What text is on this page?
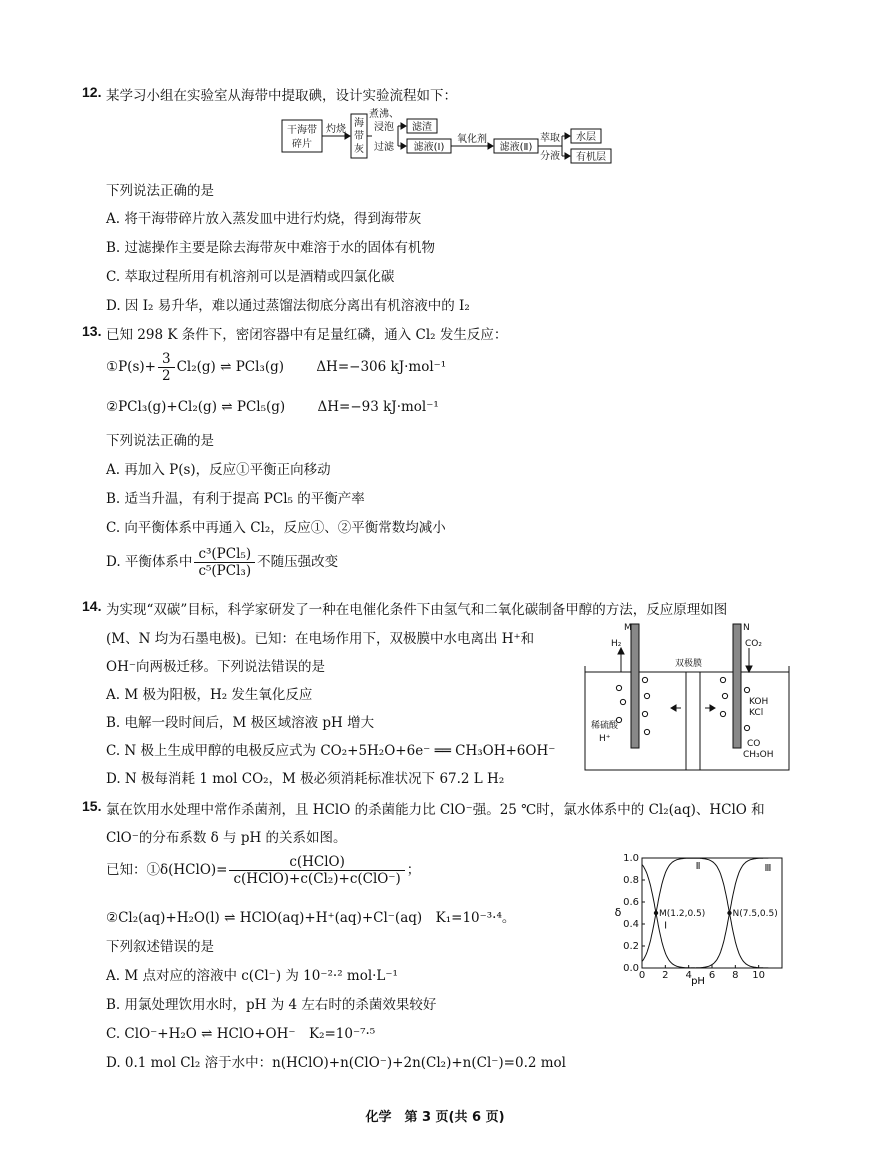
12. 某学习小组在实验室从海带中提取碘，设计实验流程如下：
干海带
碎片
灼烧
海
带
灰
煮沸、
浸泡
过滤
滤渣
滤液(Ⅰ)
氧化剂
滤液(Ⅱ)
萃取
分液
水层
有机层
下列说法正确的是
A. 将干海带碎片放入蒸发皿中进行灼烧，得到海带灰
B. 过滤操作主要是除去海带灰中难溶于水的固体有机物
C. 萃取过程所用有机溶剂可以是酒精或四氯化碳
D. 因 I₂ 易升华，难以通过蒸馏法彻底分离出有机溶液中的 I₂
13. 已知 298 K 条件下，密闭容器中有足量红磷，通入 Cl₂ 发生反应：
①P(s)+ $\frac{3}{2} Cl_2(g)$ ⇌ PCl₃(g) ΔH=−306 kJ·mol⁻¹
②PCl₃(g)+Cl₂(g) ⇌ PCl₅(g) ΔH=−93 kJ·mol⁻¹
下列说法正确的是
A. 再加入 P(s)，反应①平衡正向移动
B. 适当升温，有利于提高 PCl₅ 的平衡产率
C. 向平衡体系中再通入 Cl₂，反应①、②平衡常数均减小
D. 平衡体系中 $\frac{\text{c³(PCl₅)}}{\text{c⁵(PCl₃)}}$ 不随压强改变
14. 为实现“双碳”目标，科学家研发了一种在电催化条件下由氢气和二氧化碳制备甲醇的方法，反应原理如图
(M、N 均为石墨电极)。已知：在电场作用下，双极膜中水电离出 H⁺和
OH⁻向两极迁移。下列说法错误的是
A. M 极为阳极，H₂ 发生氧化反应
B. 电解一段时间后，M 极区域溶液 pH 增大
C. N 极上生成甲醇的电极反应式为 CO₂+5H₂O+6e⁻ ══ CH₃OH+6OH⁻
D. N 极每消耗 1 mol CO₂，M 极必须消耗标准状况下 67.2 L H₂
M	N
H₂	CO₂
双极膜
稀硫酸
H⁺
KOH
KCl
CO
CH₃OH
15. 氯在饮用水处理中常作杀菌剂，且 HClO 的杀菌能力比 ClO⁻强。25 ℃时，氯水体系中的 Cl₂(aq)、HClO 和
ClO⁻的分布系数 δ 与 pH 的关系如图。
已知：①δ(HClO)= $\frac{\text{c(HClO)}}{\text{c(HClO)+c(Cl₂)+c(ClO⁻)}}$ ；
②Cl₂(aq)+H₂O(l) ⇌ HClO(aq)+H⁺(aq)+Cl⁻(aq)　K₁=10⁻³·⁴。
下列叙述错误的是
A. M 点对应的溶液中 c(Cl⁻) 为 10⁻²·² mol·L⁻¹
B. 用氯处理饮用水时，pH 为 4 左右时的杀菌效果较好
C. ClO⁻+H₂O ⇌ HClO+OH⁻　K₂=10⁻⁷·⁵
D. 0.1 mol Cl₂ 溶于水中：n(HClO)+n(ClO⁻)+2n(Cl₂)+n(Cl⁻)=0.2 mol
0 2 4 6 8 10
0.0
0.2
0.4
0.6
0.8
1.0
Ⅰ
Ⅱ	Ⅲ
M(1.2,0.5)	N(7.5,0.5)
pH
δ
化学　第 3 页(共 6 页)
